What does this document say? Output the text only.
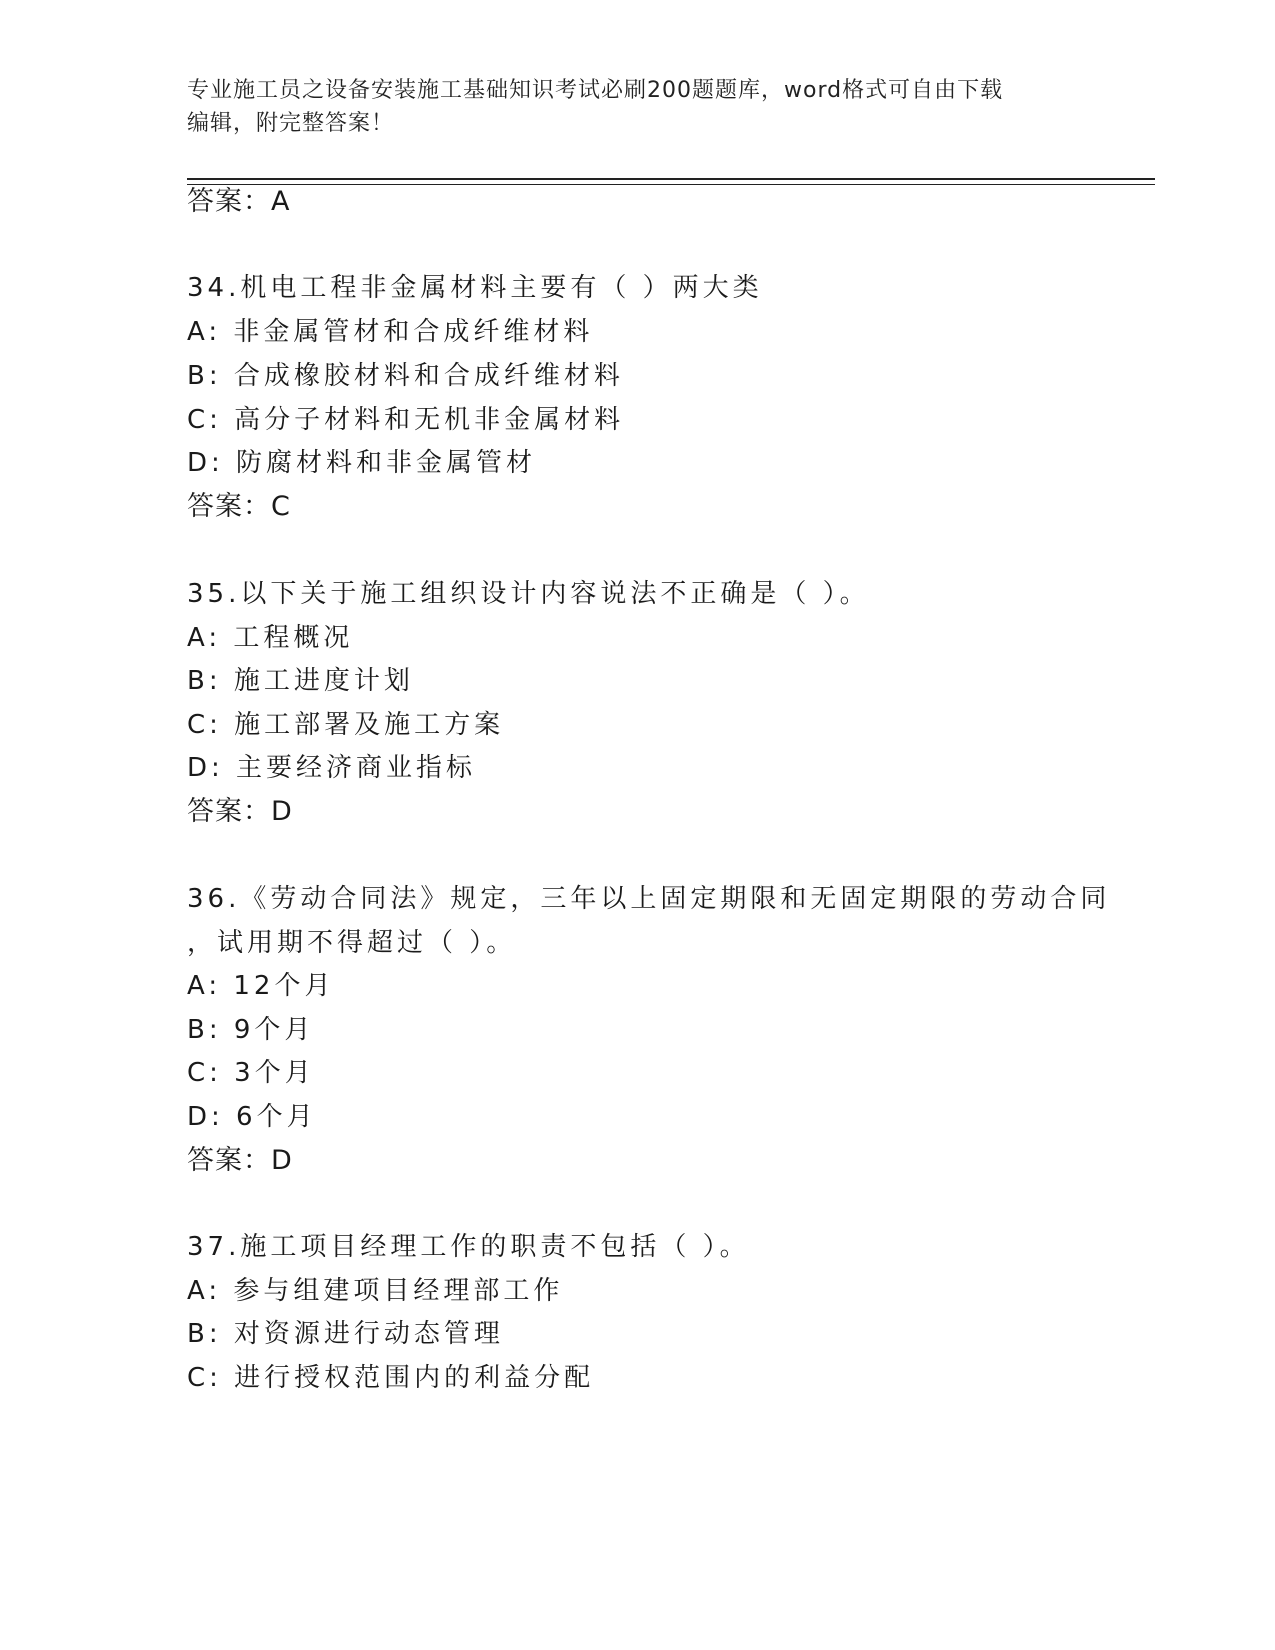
专业施工员之设备安装施工基础知识考试必刷200题题库，word格式可自由下载
编辑，附完整答案！
答案：A
34.机电工程非金属材料主要有（ ）两大类
A: 非金属管材和合成纤维材料
B: 合成橡胶材料和合成纤维材料
C: 高分子材料和无机非金属材料
D: 防腐材料和非金属管材
答案：C
35.以下关于施工组织设计内容说法不正确是（ ）。
A: 工程概况
B: 施工进度计划
C: 施工部署及施工方案
D: 主要经济商业指标
答案：D
36.《劳动合同法》规定，三年以上固定期限和无固定期限的劳动合同
，试用期不得超过（ ）。
A: 12个月
B: 9个月
C: 3个月
D: 6个月
答案：D
37.施工项目经理工作的职责不包括（ ）。
A: 参与组建项目经理部工作
B: 对资源进行动态管理
C: 进行授权范围内的利益分配
